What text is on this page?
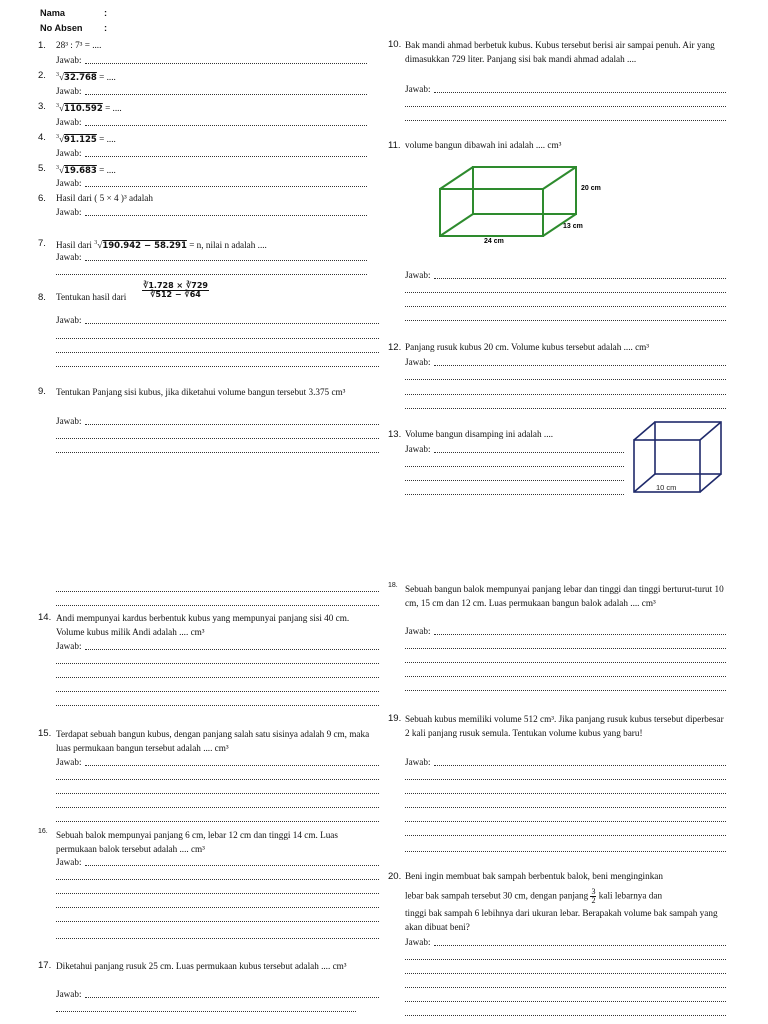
Nama	:
No Absen :
1. 28³ : 7³ = ....
Jawab:
2. $^3$√32.768 = ....
Jawab:
3. $^3$√110.592 = ....
Jawab:
4. $^3$√91.125 = ....
Jawab:
5. $^3$√19.683 = ....
Jawab:
6. Hasil dari ( 5 × 4 )³ adalah
Jawab:
7. Hasil dari $^3$√190.942 − 58.291 = n, nilai n adalah ....
Jawab:
8. Tentukan hasil dari $\frac{∛1.728 \times ∛729}{∛512 - ∛64}$
Jawab:
9. Tentukan Panjang sisi kubus, jika diketahui volume bangun tersebut 3.375 cm³
Jawab:
10. Bak mandi ahmad berbetuk kubus. Kubus tersebut berisi air sampai penuh. Air yang dimasukkan 729 liter. Panjang sisi bak mandi ahmad adalah ....
Jawab:
11. volume bangun dibawah ini adalah .... cm³
20 cm
13 cm
24 cm
Jawab:
12. Panjang rusuk kubus 20 cm. Volume kubus tersebut adalah .... cm³
Jawab:
13. Volume bangun disamping ini adalah ....
Jawab:
10 cm
14. Andi mempunyai kardus berbentuk kubus yang mempunyai panjang sisi 40 cm. Volume kubus milik Andi adalah .... cm³
Jawab:
15. Terdapat sebuah bangun kubus, dengan panjang salah satu sisinya adalah 9 cm, maka luas permukaan bangun tersebut adalah .... cm³
Jawab:
16. Sebuah balok mempunyai panjang 6 cm, lebar 12 cm dan tinggi 14 cm. Luas permukaan balok tersebut adalah .... cm³
Jawab:
17. Diketahui panjang rusuk 25 cm. Luas permukaan kubus tersebut adalah .... cm³
Jawab:
18. Sebuah bangun balok mempunyai panjang lebar dan tinggi dan tinggi berturut-turut 10 cm, 15 cm dan 12 cm. Luas permukaan bangun balok adalah .... cm³
Jawab:
19. Sebuah kubus memiliki volume 512 cm³. Jika panjang rusuk kubus tersebut diperbesar 2 kali panjang rusuk semula. Tentukan volume kubus yang baru!
Jawab:
20. Beni ingin membuat bak sampah berbentuk balok, beni menginginkan
lebar bak sampah tersebut 30 cm, dengan panjang $\frac{3}{2}$ kali lebarnya dan
tinggi bak sampah 6 lebihnya dari ukuran lebar. Berapakah volume bak sampah yang akan dibuat beni?
Jawab:
